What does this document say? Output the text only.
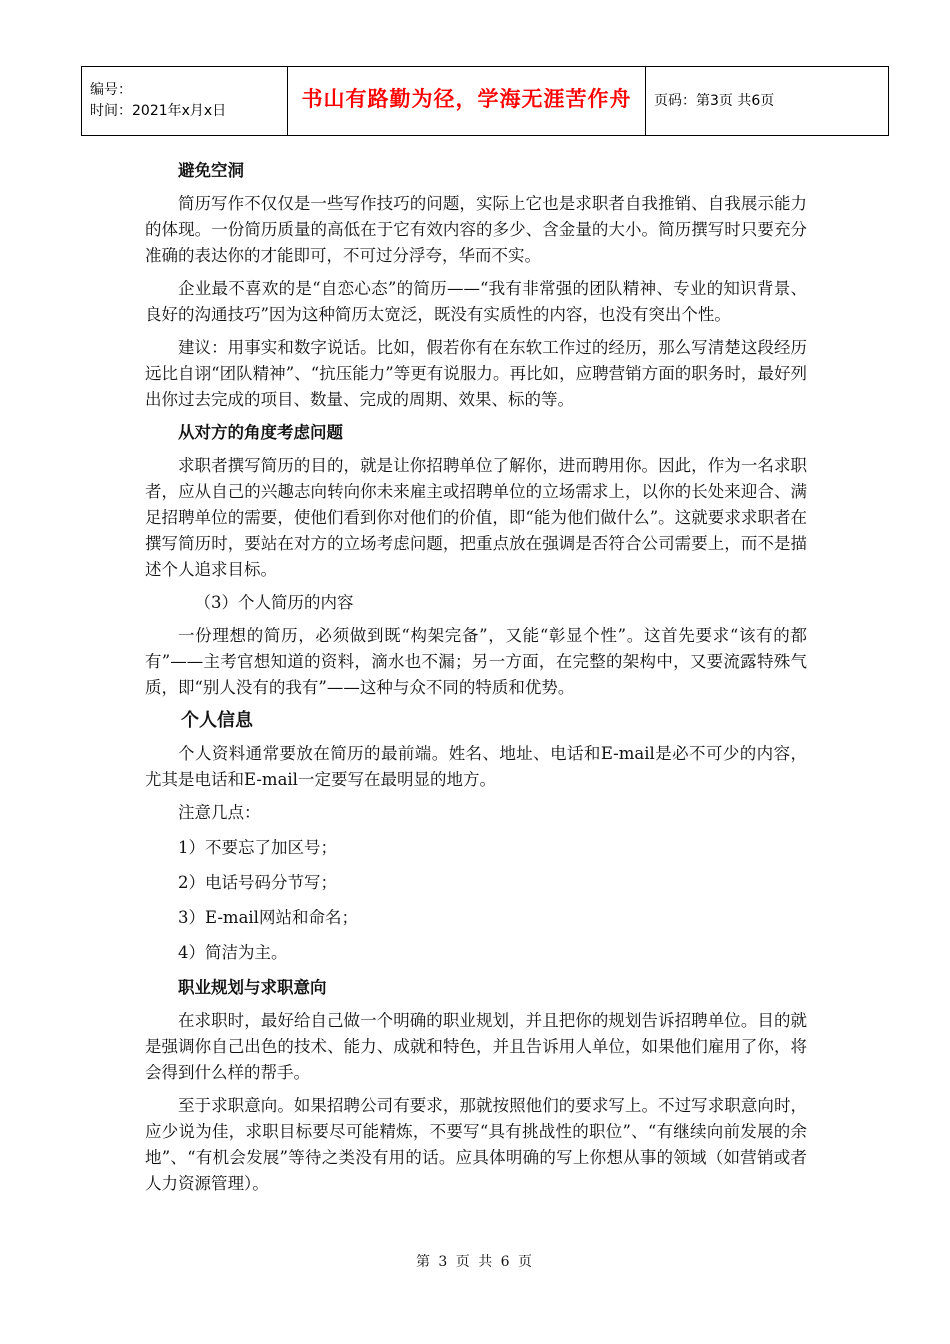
编号：
时间：2021年x月x日	书山有路勤为径，学海无涯苦作舟	页码：第3页 共6页
避免空洞

简历写作不仅仅是一些写作技巧的问题，实际上它也是求职者自我推销、自我展示能力的体现。一份简历质量的高低在于它有效内容的多少、含金量的大小。简历撰写时只要充分准确的表达你的才能即可，不可过分浮夸，华而不实。

企业最不喜欢的是“自恋心态”的简历——“我有非常强的团队精神、专业的知识背景、良好的沟通技巧”因为这种简历太宽泛，既没有实质性的内容，也没有突出个性。

建议：用事实和数字说话。比如，假若你有在东软工作过的经历，那么写清楚这段经历远比自诩“团队精神”、“抗压能力”等更有说服力。再比如，应聘营销方面的职务时，最好列出你过去完成的项目、数量、完成的周期、效果、标的等。

从对方的角度考虑问题

求职者撰写简历的目的，就是让你招聘单位了解你，进而聘用你。因此，作为一名求职者，应从自己的兴趣志向转向你未来雇主或招聘单位的立场需求上，以你的长处来迎合、满足招聘单位的需要，使他们看到你对他们的价值，即“能为他们做什么”。这就要求求职者在撰写简历时，要站在对方的立场考虑问题，把重点放在强调是否符合公司需要上，而不是描述个人追求目标。

（3）个人简历的内容

一份理想的简历，必须做到既“构架完备”，又能“彰显个性”。这首先要求“该有的都有”——主考官想知道的资料，滴水也不漏；另一方面，在完整的架构中，又要流露特殊气质，即“别人没有的我有”——这种与众不同的特质和优势。

个人信息

个人资料通常要放在简历的最前端。姓名、地址、电话和E-mail是必不可少的内容，尤其是电话和E-mail一定要写在最明显的地方。

注意几点：

1）不要忘了加区号；

2）电话号码分节写；

3）E-mail网站和命名；

4）简洁为主。

职业规划与求职意向

在求职时，最好给自己做一个明确的职业规划，并且把你的规划告诉招聘单位。目的就是强调你自己出色的技术、能力、成就和特色，并且告诉用人单位，如果他们雇用了你，将会得到什么样的帮手。

至于求职意向。如果招聘公司有要求，那就按照他们的要求写上。不过写求职意向时，应少说为佳，求职目标要尽可能精炼，不要写“具有挑战性的职位”、“有继续向前发展的余地”、“有机会发展”等待之类没有用的话。应具体明确的写上你想从事的领域（如营销或者人力资源管理）。

第 3 页 共 6 页
